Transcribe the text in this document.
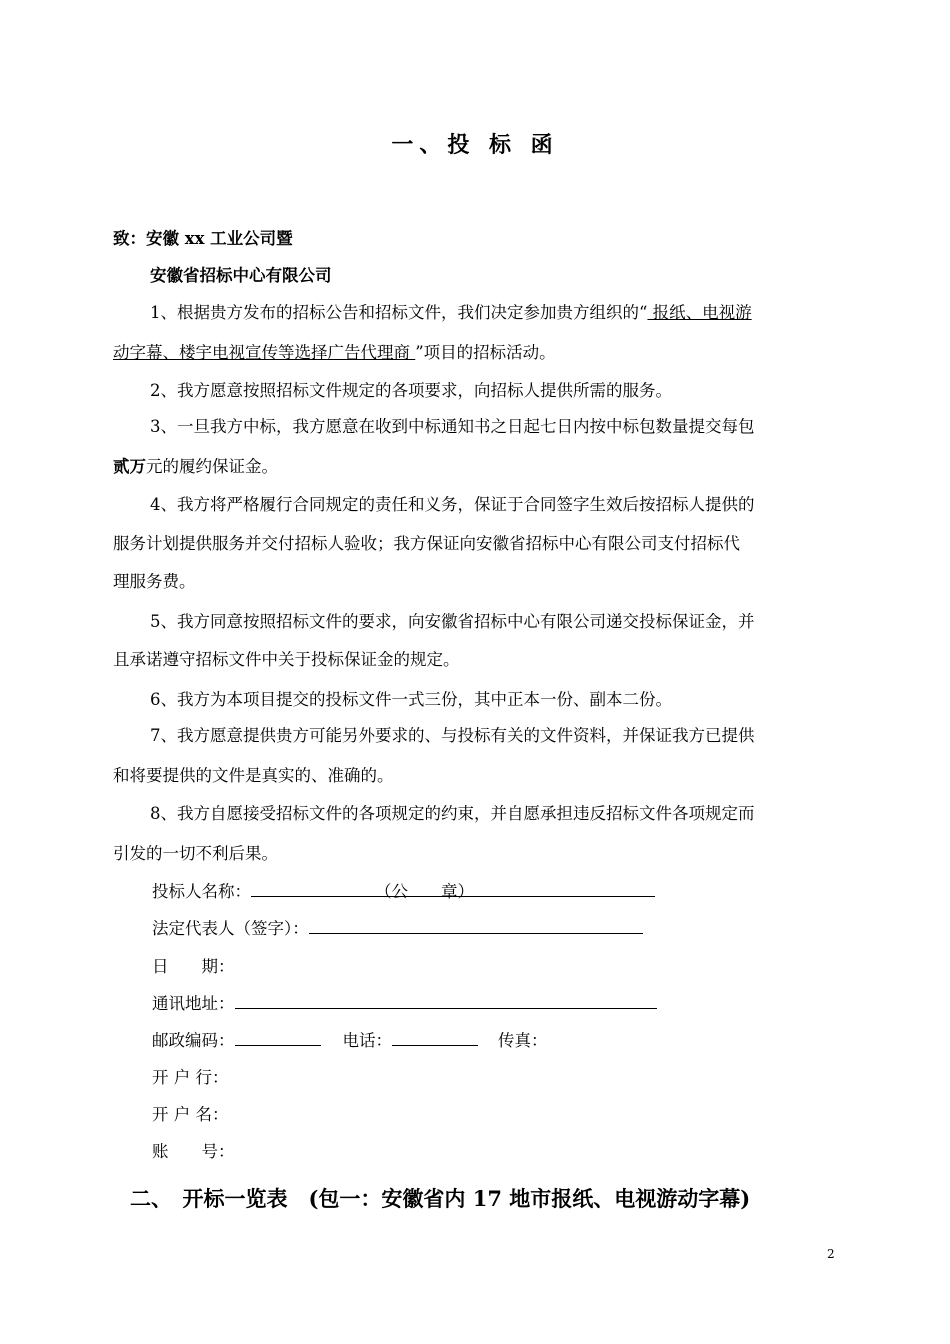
一、投 标 函
致：安徽 xx 工业公司暨
安徽省招标中心有限公司
1、根据贵方发布的招标公告和招标文件，我们决定参加贵方组织的“ 报纸、电视游
动字幕、楼宇电视宣传等选择广告代理商 ”项目的招标活动。
2、我方愿意按照招标文件规定的各项要求，向招标人提供所需的服务。
3、一旦我方中标，我方愿意在收到中标通知书之日起七日内按中标包数量提交每包
贰万元的履约保证金。
4、我方将严格履行合同规定的责任和义务，保证于合同签字生效后按招标人提供的
服务计划提供服务并交付招标人验收；我方保证向安徽省招标中心有限公司支付招标代
理服务费。
5、我方同意按照招标文件的要求，向安徽省招标中心有限公司递交投标保证金，并
且承诺遵守招标文件中关于投标保证金的规定。
6、我方为本项目提交的投标文件一式三份，其中正本一份、副本二份。
7、我方愿意提供贵方可能另外要求的、与投标有关的文件资料，并保证我方已提供
和将要提供的文件是真实的、准确的。
8、我方自愿接受招标文件的各项规定的约束，并自愿承担违反招标文件各项规定而
引发的一切不利后果。
投标人名称：	（公　　章）
法定代表人（签字）：
日　　期：
通讯地址：
邮政编码：	电话：	传真：
开 户 行：
开 户 名：
账　　号：
二、　开标一览表　(包一：安徽省内 17 地市报纸、电视游动字幕)
2
